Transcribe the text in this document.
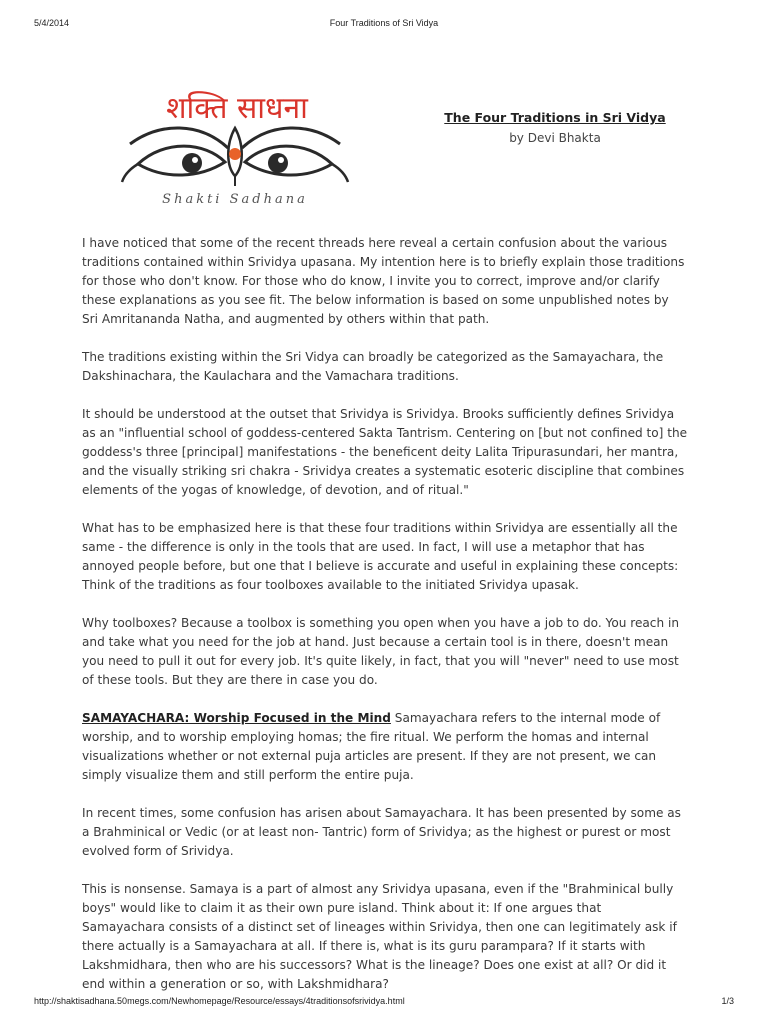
5/4/2014	Four Traditions of Sri Vidya
शक्ति साधना
Shakti Sadhana
The Four Traditions in Sri Vidya
by Devi Bhakta

I have noticed that some of the recent threads here reveal a certain confusion about the various traditions contained within Srividya upasana. My intention here is to briefly explain those traditions for those who don't know. For those who do know, I invite you to correct, improve and/or clarify these explanations as you see fit. The below information is based on some unpublished notes by Sri Amritananda Natha, and augmented by others within that path.

The traditions existing within the Sri Vidya can broadly be categorized as the Samayachara, the Dakshinachara, the Kaulachara and the Vamachara traditions.

It should be understood at the outset that Srividya is Srividya. Brooks sufficiently defines Srividya as an "influential school of goddess-centered Sakta Tantrism. Centering on [but not confined to] the goddess's three [principal] manifestations - the beneficent deity Lalita Tripurasundari, her mantra, and the visually striking sri chakra - Srividya creates a systematic esoteric discipline that combines elements of the yogas of knowledge, of devotion, and of ritual."

What has to be emphasized here is that these four traditions within Srividya are essentially all the same - the difference is only in the tools that are used. In fact, I will use a metaphor that has annoyed people before, but one that I believe is accurate and useful in explaining these concepts: Think of the traditions as four toolboxes available to the initiated Srividya upasak.

Why toolboxes? Because a toolbox is something you open when you have a job to do. You reach in and take what you need for the job at hand. Just because a certain tool is in there, doesn't mean you need to pull it out for every job. It's quite likely, in fact, that you will "never" need to use most of these tools. But they are there in case you do.

SAMAYACHARA: Worship Focused in the Mind Samayachara refers to the internal mode of worship, and to worship employing homas; the fire ritual. We perform the homas and internal visualizations whether or not external puja articles are present. If they are not present, we can simply visualize them and still perform the entire puja.

In recent times, some confusion has arisen about Samayachara. It has been presented by some as a Brahminical or Vedic (or at least non- Tantric) form of Srividya; as the highest or purest or most evolved form of Srividya.

This is nonsense. Samaya is a part of almost any Srividya upasana, even if the "Brahminical bully boys" would like to claim it as their own pure island. Think about it: If one argues that Samayachara consists of a distinct set of lineages within Srividya, then one can legitimately ask if there actually is a Samayachara at all. If there is, what is its guru parampara? If it starts with Lakshmidhara, then who are his successors? What is the lineage? Does one exist at all? Or did it end within a generation or so, with Lakshmidhara?

http://shaktisadhana.50megs.com/Newhomepage/Resource/essays/4traditionsofsrividya.html	1/3
